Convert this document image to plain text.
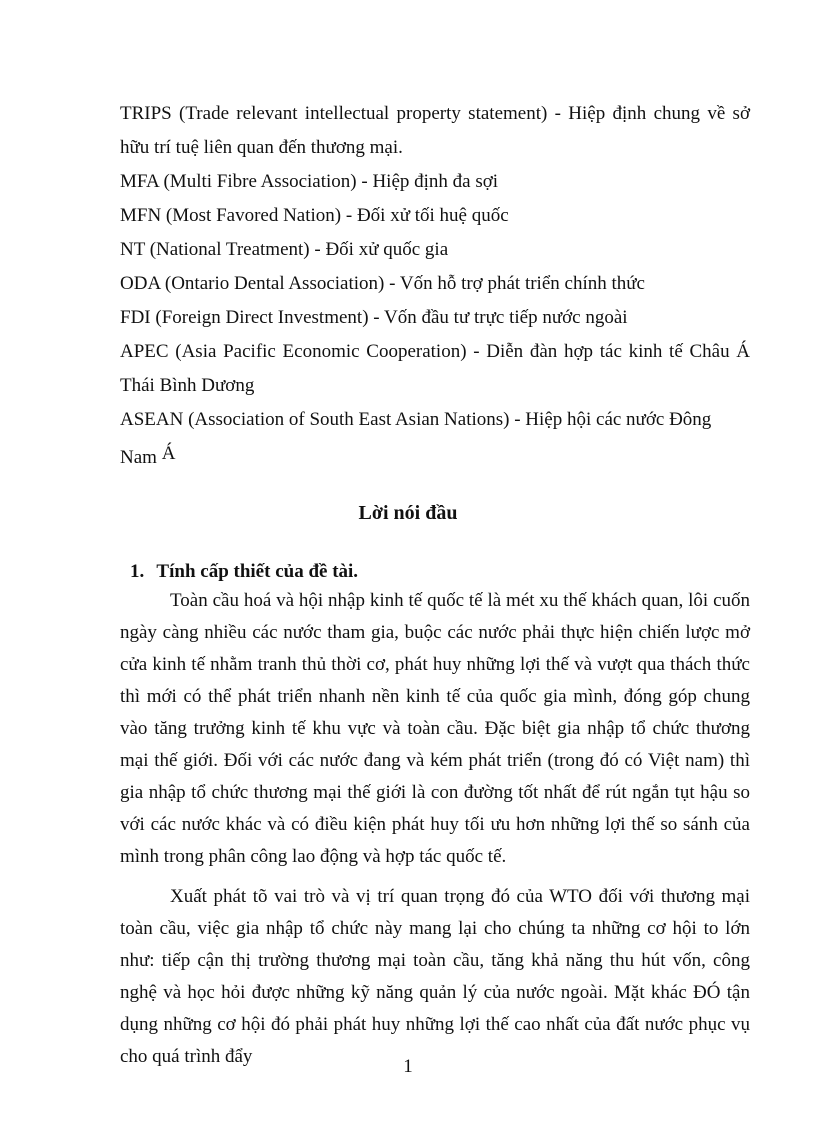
TRIPS (Trade relevant intellectual property statement) - Hiệp định chung về sở hữu trí tuệ liên quan đến thương mại.

MFA (Multi Fibre Association) - Hiệp định đa sợi

MFN (Most Favored Nation) - Đối xử tối huệ quốc

NT (National Treatment) - Đối xử quốc gia

ODA (Ontario Dental Association) - Vốn hỗ trợ phát triển chính thức

FDI (Foreign Direct Investment) - Vốn đầu tư trực tiếp nước ngoài

APEC (Asia Pacific Economic Cooperation) - Diễn đàn hợp tác kinh tế Châu Á Thái Bình Dương

ASEAN (Association of South East Asian Nations) - Hiệp hội các nước Đông Nam Á

Lời nói đầu
1. Tính cấp thiết của đề tài.

Toàn cầu hoá và hội nhập kinh tế quốc tế là mét xu thế khách quan, lôi cuốn ngày càng nhiều các nước tham gia, buộc các nước phải thực hiện chiến lược mở cửa kinh tế nhằm tranh thủ thời cơ, phát huy những lợi thế và vượt qua thách thức thì mới có thể phát triển nhanh nền kinh tế của quốc gia mình, đóng góp chung vào tăng trưởng kinh tế khu vực và toàn cầu. Đặc biệt gia nhập tổ chức thương mại thế giới. Đối với các nước đang và kém phát triển (trong đó có Việt nam) thì gia nhập tổ chức thương mại thế giới là con đường tốt nhất để rút ngắn tụt hậu so với các nước khác và có điều kiện phát huy tối ưu hơn những lợi thế so sánh của mình trong phân công lao động và hợp tác quốc tế.

Xuất phát tõ vai trò và vị trí quan trọng đó của WTO đối với thương mại toàn cầu, việc gia nhập tổ chức này mang lại cho chúng ta những cơ hội to lớn như: tiếp cận thị trường thương mại toàn cầu, tăng khả năng thu hút vốn, công nghệ và học hỏi được những kỹ năng quản lý của nước ngoài. Mặt khác ĐÓ tận dụng những cơ hội đó phải phát huy những lợi thế cao nhất của đất nước phục vụ cho quá trình đẩy	1
